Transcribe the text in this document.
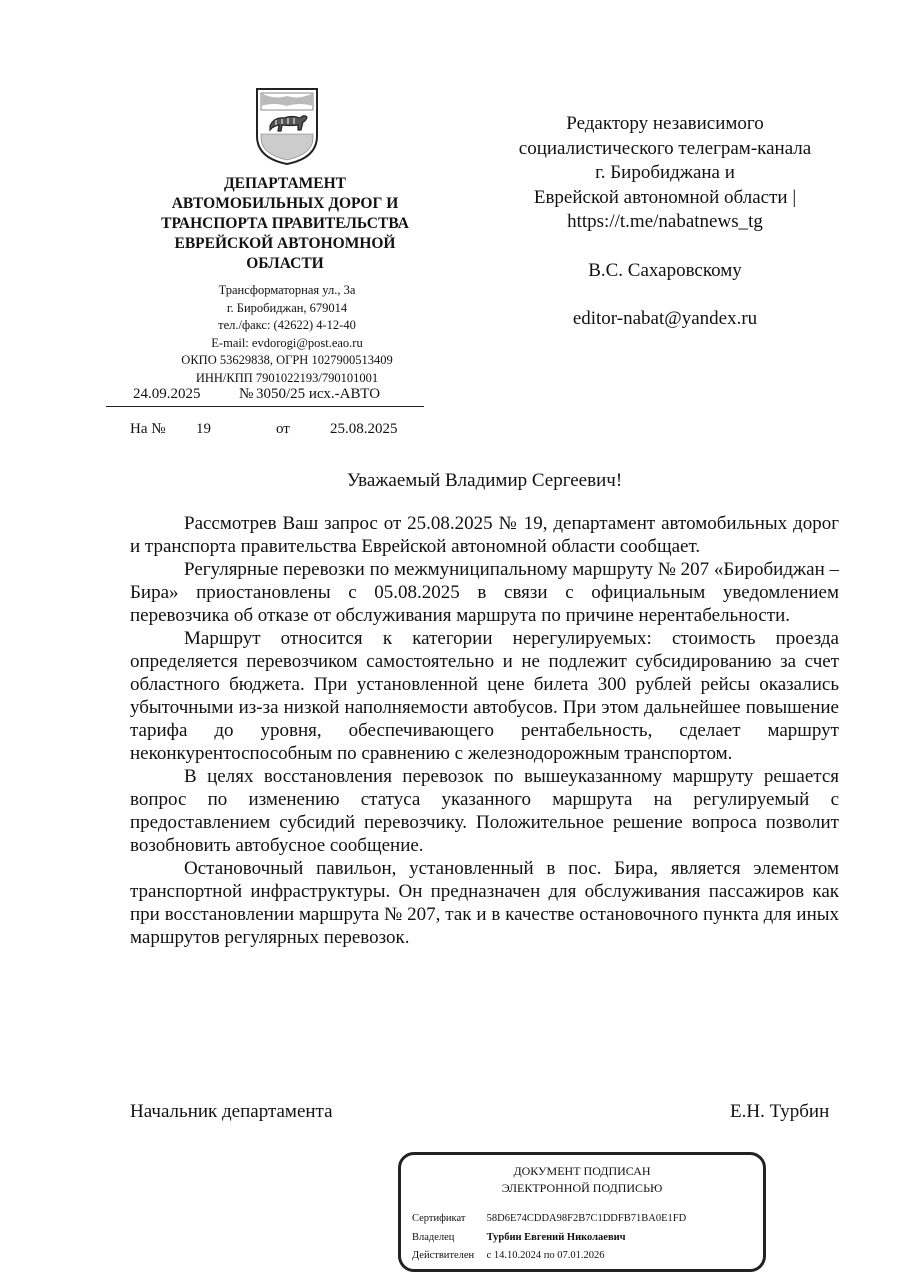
ДЕПАРТАМЕНТ
АВТОМОБИЛЬНЫХ ДОРОГ И
ТРАНСПОРТА ПРАВИТЕЛЬСТВА
ЕВРЕЙСКОЙ АВТОНОМНОЙ
ОБЛАСТИ
Трансформаторная ул., 3а
г. Биробиджан, 679014
тел./факс: (42622) 4-12-40
E-mail: evdorogi@post.eao.ru
ОКПО 53629838, ОГРН 1027900513409
ИНН/КПП 7901022193/790101001
24.09.2025	№ 3050/25 исх.-АВТО
На № 19	от	25.08.2025
Редактору независимого
социалистического телеграм-канала
г. Биробиджана и
Еврейской автономной области |
https://t.me/nabatnews_tg
В.С. Сахаровскому
editor-nabat@yandex.ru
Уважаемый Владимир Сергеевич!

Рассмотрев Ваш запрос от 25.08.2025 № 19, департамент автомобильных дорог и транспорта правительства Еврейской автономной области сообщает.

Регулярные перевозки по межмуниципальному маршруту № 207 «Биробиджан – Бира» приостановлены с 05.08.2025 в связи с официальным уведомлением перевозчика об отказе от обслуживания маршрута по причине нерентабельности.

Маршрут относится к категории нерегулируемых: стоимость проезда определяется перевозчиком самостоятельно и не подлежит субсидированию за счет областного бюджета. При установленной цене билета 300 рублей рейсы оказались убыточными из-за низкой наполняемости автобусов. При этом дальнейшее повышение тарифа до уровня, обеспечивающего рентабельность, сделает маршрут неконкурентоспособным по сравнению с железнодорожным транспортом.

В целях восстановления перевозок по вышеуказанному маршруту решается вопрос по изменению статуса указанного маршрута на регулируемый с предоставлением субсидий перевозчику. Положительное решение вопроса позволит возобновить автобусное сообщение.

Остановочный павильон, установленный в пос. Бира, является элементом транспортной инфраструктуры. Он предназначен для обслуживания пассажиров как при восстановлении маршрута № 207, так и в качестве остановочного пункта для иных маршрутов регулярных перевозок.

Начальник департамента	Е.Н. Турбин
ДОКУМЕНТ ПОДПИСАН
ЭЛЕКТРОННОЙ ПОДПИСЬЮ
Сертификат 58D6E74CDDA98F2B7C1DDFB71BA0E1FD
Владелец	Турбин Евгений Николаевич
Действителен с 14.10.2024 по 07.01.2026
